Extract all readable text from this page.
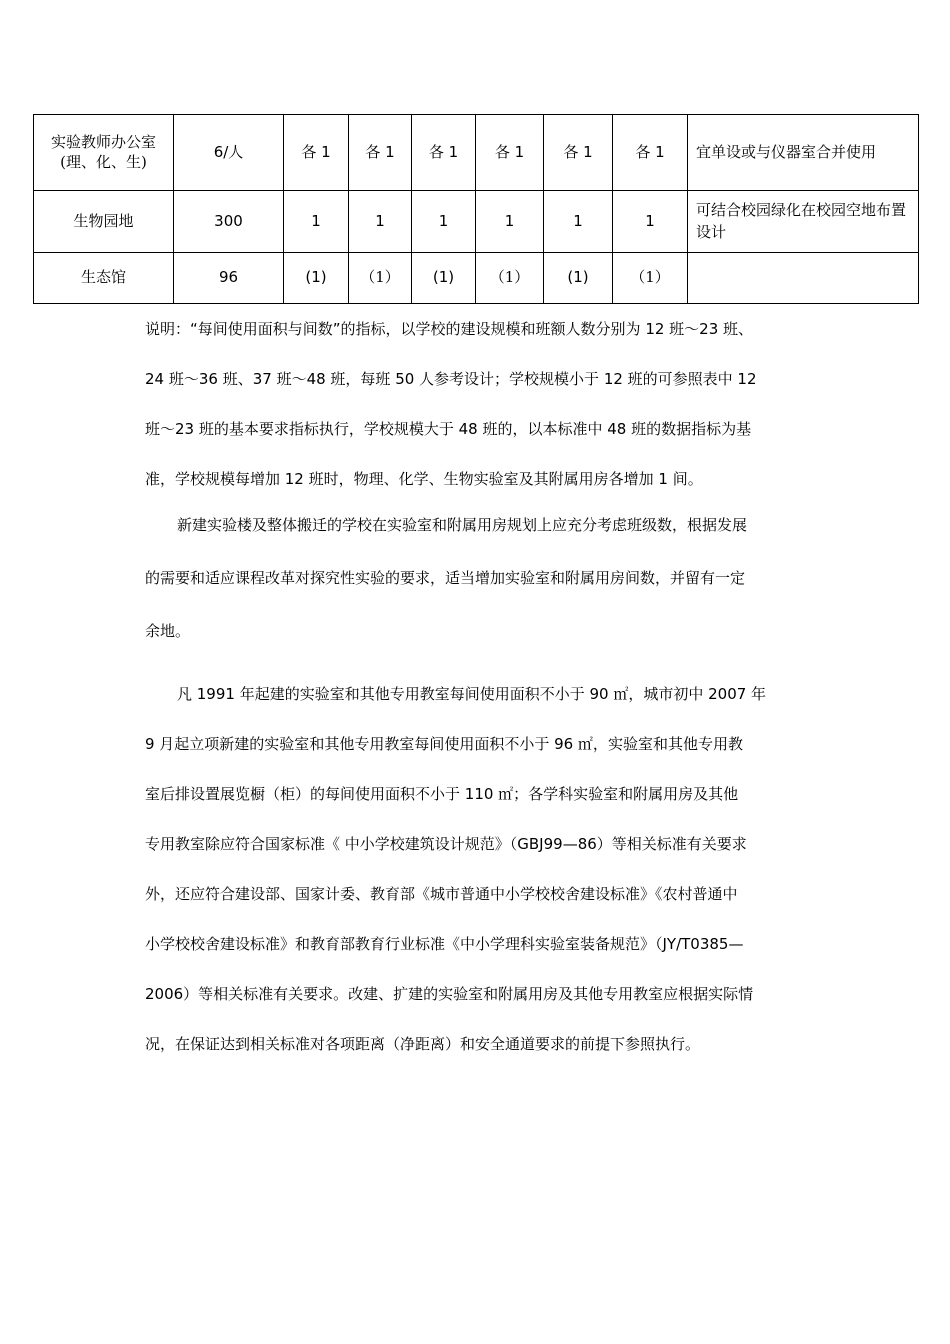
实验教师办公室
(理、化、生)	6/人	各 1	各 1	各 1	各 1	各 1	各 1	宜单设或与仪器室合并使用
生物园地	300	1	1	1	1	1	1	可结合校园绿化在校园空地布置设计
生态馆	96	(1)	（1）	(1)	（1）	(1)	（1）	
说明：“每间使用面积与间数”的指标，以学校的建设规模和班额人数分别为 12 班～23 班、
24 班～36 班、37 班～48 班，每班 50 人参考设计；学校规模小于 12 班的可参照表中 12
班～23 班的基本要求指标执行，学校规模大于 48 班的，以本标准中 48 班的数据指标为基
准，学校规模每增加 12 班时，物理、化学、生物实验室及其附属用房各增加 1 间。
新建实验楼及整体搬迁的学校在实验室和附属用房规划上应充分考虑班级数，根据发展
的需要和适应课程改革对探究性实验的要求，适当增加实验室和附属用房间数，并留有一定
余地。
凡 1991 年起建的实验室和其他专用教室每间使用面积不小于 90 ㎡，城市初中 2007 年
9 月起立项新建的实验室和其他专用教室每间使用面积不小于 96 ㎡，实验室和其他专用教
室后排设置展览橱（柜）的每间使用面积不小于 110 ㎡；各学科实验室和附属用房及其他
专用教室除应符合国家标准《 中小学校建筑设计规范》（GBJ99—86）等相关标准有关要求
外，还应符合建设部、国家计委、教育部《城市普通中小学校校舍建设标准》《农村普通中
小学校校舍建设标准》和教育部教育行业标准《中小学理科实验室装备规范》（JY/T0385—
2006）等相关标准有关要求。改建、扩建的实验室和附属用房及其他专用教室应根据实际情
况，在保证达到相关标准对各项距离（净距离）和安全通道要求的前提下参照执行。
